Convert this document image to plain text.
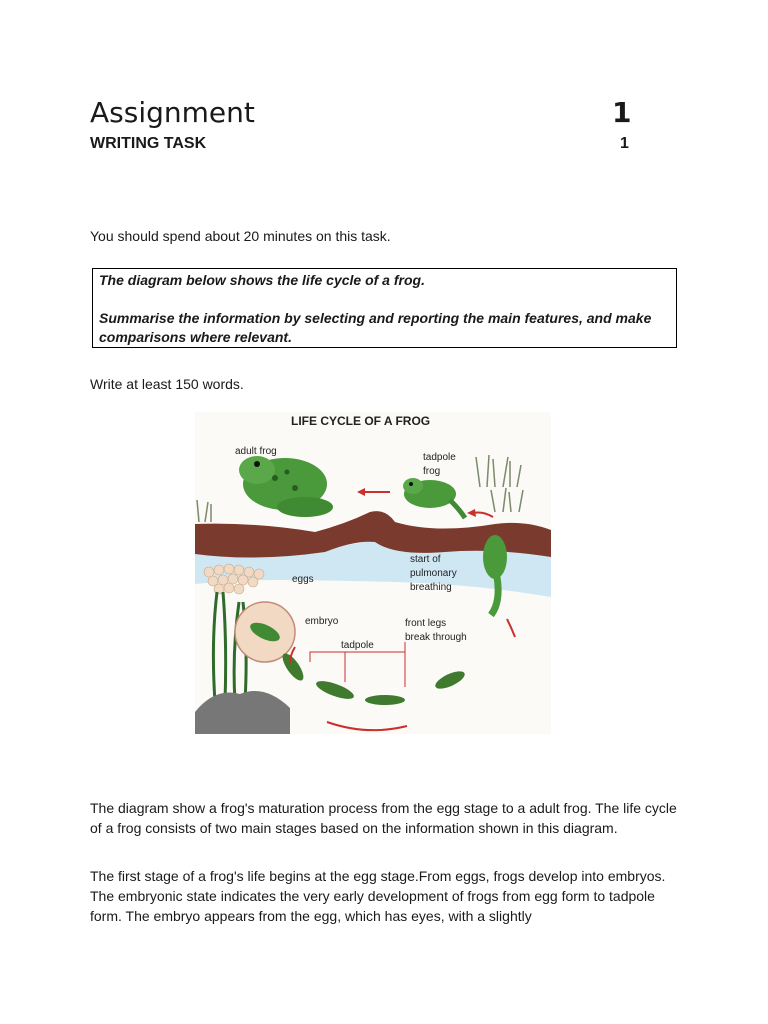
Assignment	1
WRITING TASK	1
You should spend about 20 minutes on this task.

The diagram below shows the life cycle of a frog.

Summarise the information by selecting and reporting the main features, and make comparisons where relevant.

Write at least 150 words.
LIFE CYCLE OF A FROG
adult frog
tadpole
frog
start of
pulmonary
breathing
eggs
embryo	front legs
break through
tadpole

The diagram show a frog's maturation process from the egg stage to a adult frog. The life cycle of a frog consists of two main stages based on the information shown in this diagram.

The first stage of a frog's life begins at the egg stage.From eggs, frogs develop into embryos. The embryonic state indicates the very early development of frogs from egg form to tadpole form. The embryo appears from the egg, which has eyes, with a slightly
